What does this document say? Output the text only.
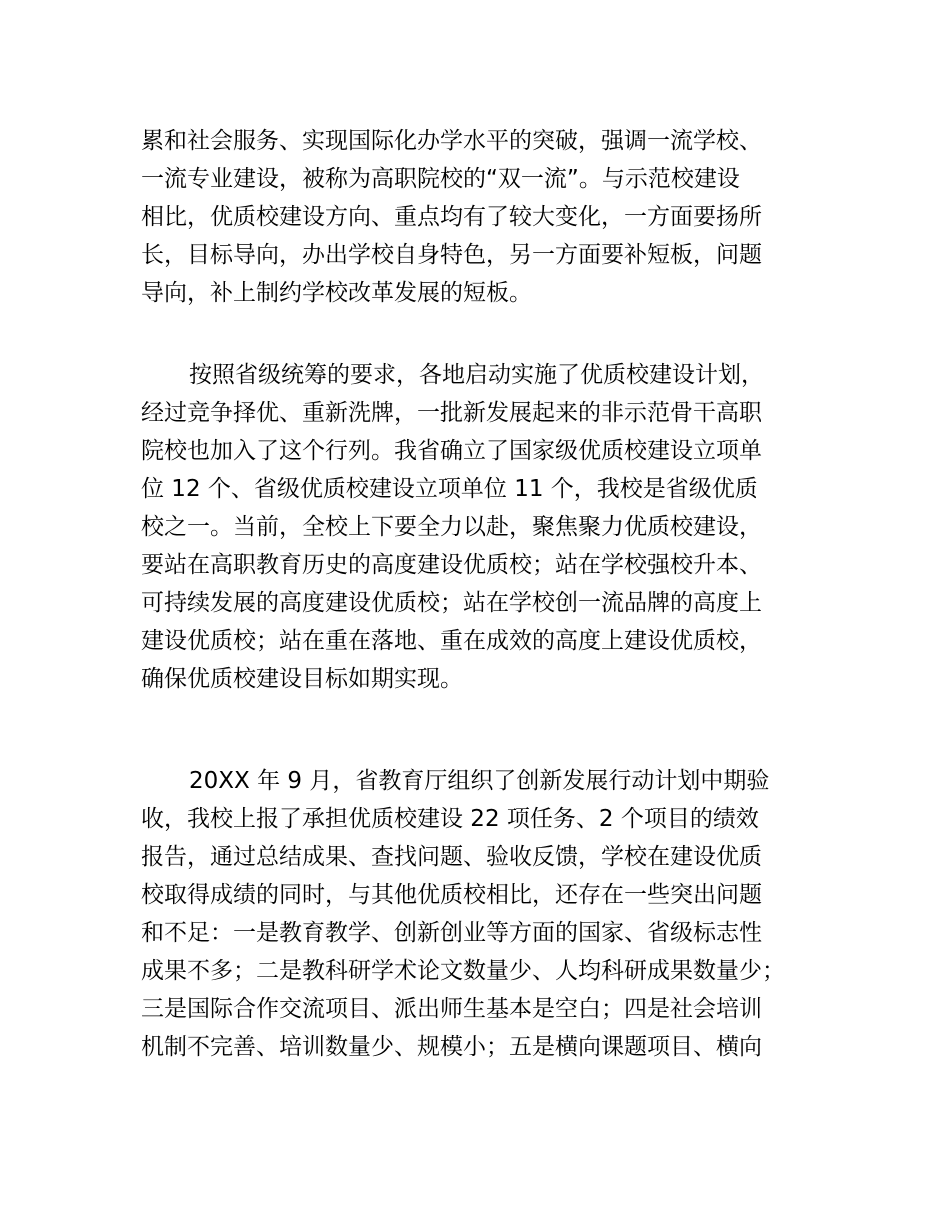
累和社会服务、实现国际化办学水平的突破，强调一流学校、
一流专业建设，被称为高职院校的“双一流”。与示范校建设
相比，优质校建设方向、重点均有了较大变化，一方面要扬所
长，目标导向，办出学校自身特色，另一方面要补短板，问题
导向，补上制约学校改革发展的短板。
按照省级统筹的要求，各地启动实施了优质校建设计划，
经过竞争择优、重新洗牌，一批新发展起来的非示范骨干高职
院校也加入了这个行列。我省确立了国家级优质校建设立项单
位 12 个、省级优质校建设立项单位 11 个，我校是省级优质
校之一。当前，全校上下要全力以赴，聚焦聚力优质校建设，
要站在高职教育历史的高度建设优质校；站在学校强校升本、
可持续发展的高度建设优质校；站在学校创一流品牌的高度上
建设优质校；站在重在落地、重在成效的高度上建设优质校，
确保优质校建设目标如期实现。
20XX 年 9 月，省教育厅组织了创新发展行动计划中期验
收，我校上报了承担优质校建设 22 项任务、2 个项目的绩效
报告，通过总结成果、查找问题、验收反馈，学校在建设优质
校取得成绩的同时，与其他优质校相比，还存在一些突出问题
和不足：一是教育教学、创新创业等方面的国家、省级标志性
成果不多；二是教科研学术论文数量少、人均科研成果数量少；
三是国际合作交流项目、派出师生基本是空白；四是社会培训
机制不完善、培训数量少、规模小；五是横向课题项目、横向
